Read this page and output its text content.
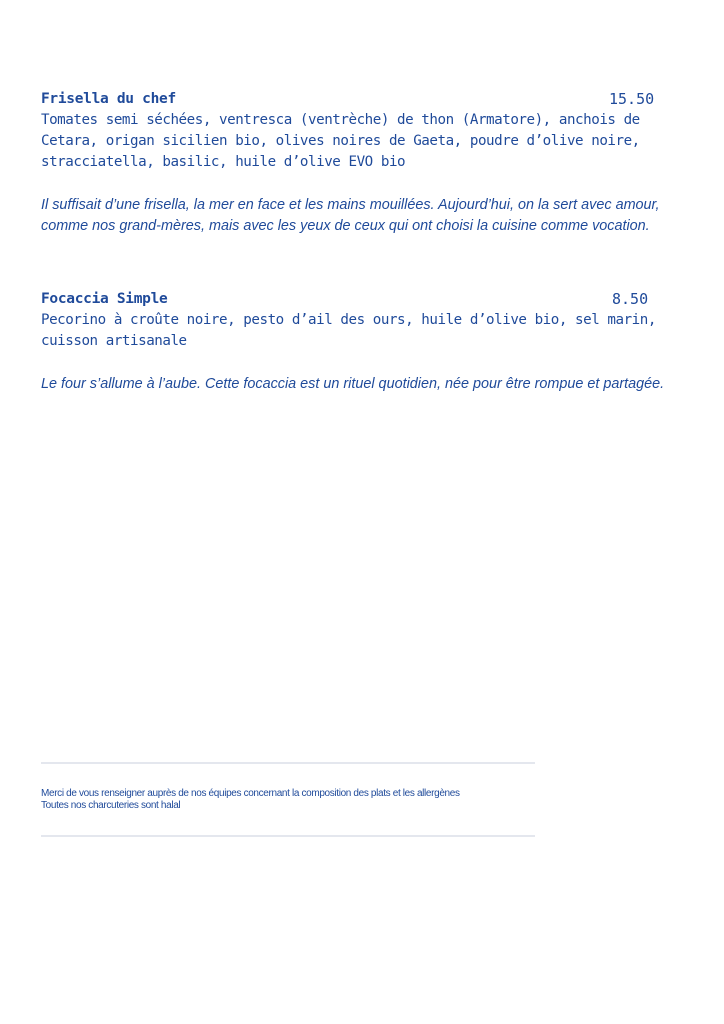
Frisella du chef	15.50

Tomates semi séchées, ventresca (ventrèche) de thon (Armatore), anchois de Cetara, origan sicilien bio, olives noires de Gaeta, poudre d’olive noire, stracciatella, basilic, huile d’olive EVO bio

Il suffisait d’une frisella, la mer en face et les mains mouillées. Aujourd’hui, on la sert avec amour, comme nos grand-mères, mais avec les yeux de ceux qui ont choisi la cuisine comme vocation.

Focaccia Simple	8.50

Pecorino à croûte noire, pesto d’ail des ours, huile d’olive bio, sel marin, cuisson artisanale

Le four s’allume à l’aube. Cette focaccia est un rituel quotidien, née pour être rompue et partagée.

Merci de vous renseigner auprès de nos équipes concernant la composition des plats et les allergènes
Toutes nos charcuteries sont halal
